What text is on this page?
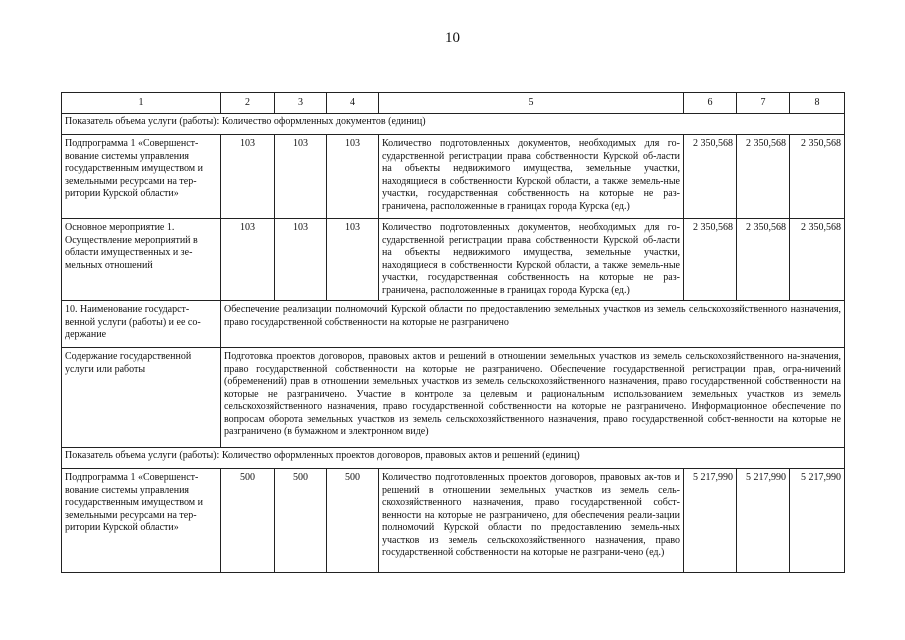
10
1	2	3	4	5	6	7	8
Показатель объема услуги (работы): Количество оформленных документов (единиц)							
Подпрограмма 1 «Совершенст-вование системы управления государственным имуществом и земельными ресурсами на тер-ритории Курской области»	103	103	103	Количество подготовленных документов, необходимых для го-сударственной регистрации права собственности Курской об-ласти на объекты недвижимого имущества, земельные участки, находящиеся в собственности Курской области, а также земель-ные участки, государственная собственность на которые не раз-граничена, расположенные в границах города Курска (ед.)	2 350,568	2 350,568	2 350,568
Основное мероприятие 1. Осуществление мероприятий в области имущественных и зе-мельных отношений	103	103	103	Количество подготовленных документов, необходимых для го-сударственной регистрации права собственности Курской об-ласти на объекты недвижимого имущества, земельные участки, находящиеся в собственности Курской области, а также земель-ные участки, государственная собственность на которые не раз-граничена, расположенные в границах города Курска (ед.)	2 350,568	2 350,568	2 350,568
10. Наименование государст-венной услуги (работы) и ее со-держание	Обеспечение реализации полномочий Курской области по предоставлению земельных участков из земель сельскохозяйственного назначения, право государственной собственности на которые не разграничено						
Содержание государственной услуги или работы	Подготовка проектов договоров, правовых актов и решений в отношении земельных участков из земель сельскохозяйственного на-значения, право государственной собственности на которые не разграничено. Обеспечение государственной регистрации прав, огра-ничений (обременений) прав в отношении земельных участков из земель сельскохозяйственного назначения, право государственной собственности на которые не разграничено. Участие в контроле за целевым и рациональным использованием земельных участков из земель сельскохозяйственного назначения, право государственной собственности на которые не разграничено. Информационное обеспечение по вопросам оборота земельных участков из земель сельскохозяйственного назначения, право государственной собст-венности на которые не разграничено (в бумажном и электронном виде)						
Показатель объема услуги (работы): Количество оформленных проектов договоров, правовых актов и решений (единиц)							
Подпрограмма 1 «Совершенст-вование системы управления государственным имуществом и земельными ресурсами на тер-ритории Курской области»	500	500	500	Количество подготовленных проектов договоров, правовых ак-тов и решений в отношении земельных участков из земель сель-скохозяйственного назначения, право государственной собст-венности на которые не разграничено, для обеспечения реали-зации полномочий Курской области по предоставлению земель-ных участков из земель сельскохозяйственного назначения, право государственной собственности на которые не разграни-чено (ед.)	5 217,990	5 217,990	5 217,990
